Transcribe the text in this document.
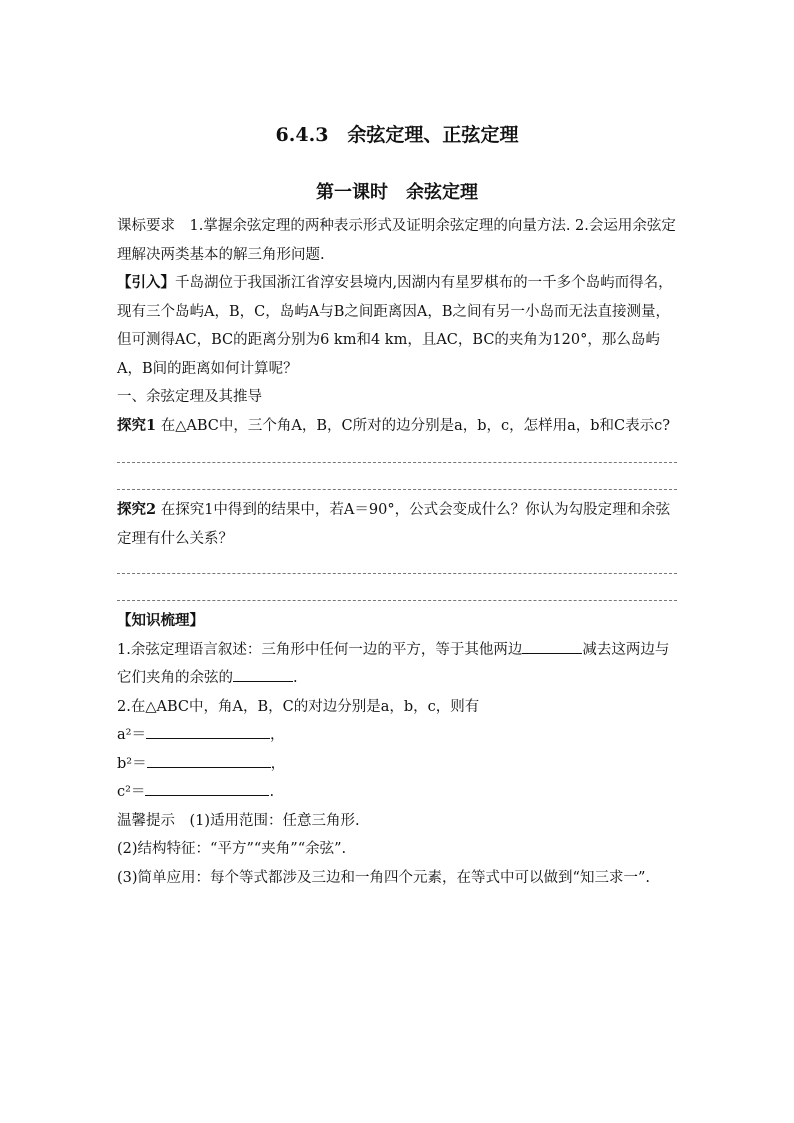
6.4.3　余弦定理、正弦定理
第一课时　余弦定理

课标要求  1.掌握余弦定理的两种表示形式及证明余弦定理的向量方法. 2.会运用余弦定理解决两类基本的解三角形问题.

【引入】千岛湖位于我国浙江省淳安县境内,因湖内有星罗棋布的一千多个岛屿而得名，现有三个岛屿A，B，C，岛屿A与B之间距离因A，B之间有另一小岛而无法直接测量，但可测得AC，BC的距离分别为6 km和4 km，且AC，BC的夹角为120°，那么岛屿A，B间的距离如何计算呢？

一、余弦定理及其推导

探究1 在△ABC中，三个角A，B，C所对的边分别是a，b，c，怎样用a，b和C表示c?

探究2 在探究1中得到的结果中，若A＝90°，公式会变成什么？你认为勾股定理和余弦定理有什么关系？

【知识梳理】

1.余弦定理语言叙述：三角形中任何一边的平方，等于其他两边	减去这两边与它们夹角的余弦的	.

2.在△ABC中，角A，B，C的对边分别是a，b，c，则有

a²＝	，

b²＝	，

c²＝	.

温馨提示  (1)适用范围：任意三角形.

(2)结构特征：“平方”“夹角”“余弦”.

(3)简单应用：每个等式都涉及三边和一角四个元素，在等式中可以做到“知三求一”.
